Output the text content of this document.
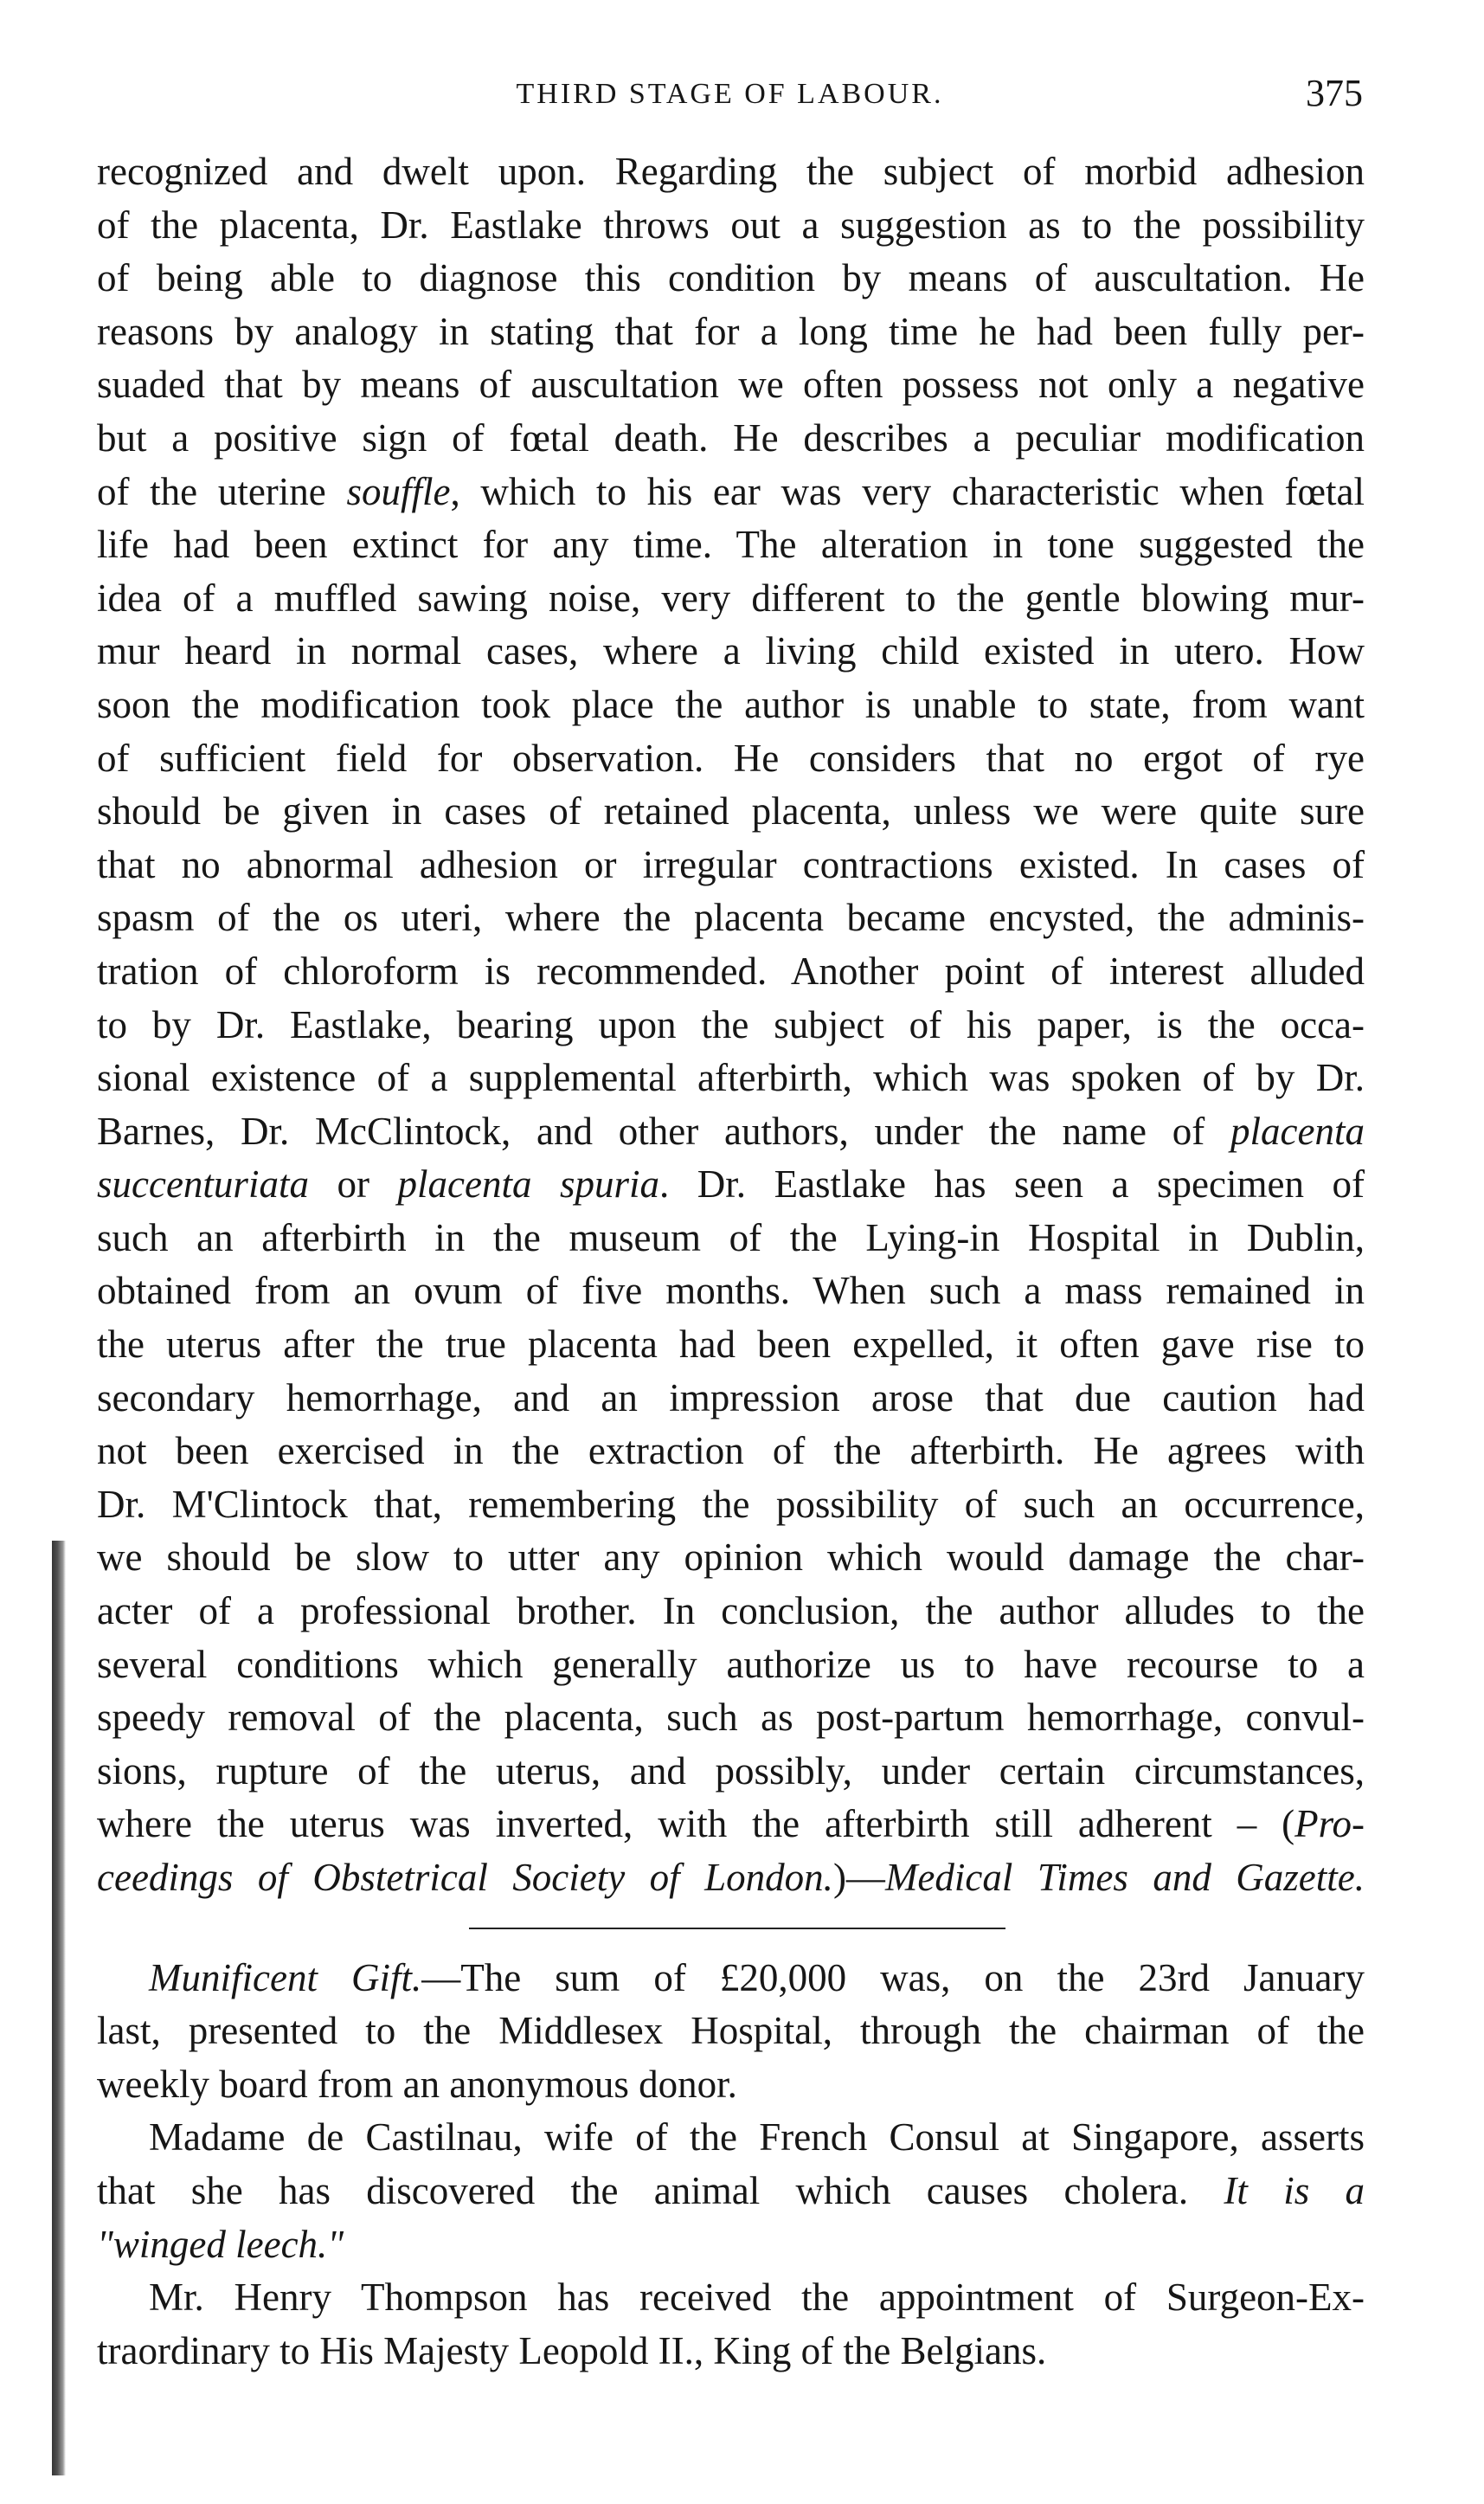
THIRD STAGE OF LABOUR.	375
recognized and dwelt upon. Regarding the subject of morbid adhesion
of the placenta, Dr. Eastlake throws out a suggestion as to the possibility
of being able to diagnose this condition by means of auscultation. He
reasons by analogy in stating that for a long time he had been fully per-
suaded that by means of auscultation we often possess not only a negative
but a positive sign of fœtal death. He describes a peculiar modification
of the uterine souffle, which to his ear was very characteristic when fœtal
life had been extinct for any time. The alteration in tone suggested the
idea of a muffled sawing noise, very different to the gentle blowing mur-
mur heard in normal cases, where a living child existed in utero. How
soon the modification took place the author is unable to state, from want
of sufficient field for observation. He considers that no ergot of rye
should be given in cases of retained placenta, unless we were quite sure
that no abnormal adhesion or irregular contractions existed. In cases of
spasm of the os uteri, where the placenta became encysted, the adminis-
tration of chloroform is recommended. Another point of interest alluded
to by Dr. Eastlake, bearing upon the subject of his paper, is the occa-
sional existence of a supplemental afterbirth, which was spoken of by Dr.
Barnes, Dr. McClintock, and other authors, under the name of placenta
succenturiata or placenta spuria. Dr. Eastlake has seen a specimen of
such an afterbirth in the museum of the Lying-in Hospital in Dublin,
obtained from an ovum of five months. When such a mass remained in
the uterus after the true placenta had been expelled, it often gave rise to
secondary hemorrhage, and an impression arose that due caution had
not been exercised in the extraction of the afterbirth. He agrees with
Dr. M'Clintock that, remembering the possibility of such an occurrence,
we should be slow to utter any opinion which would damage the char-
acter of a professional brother. In conclusion, the author alludes to the
several conditions which generally authorize us to have recourse to a
speedy removal of the placenta, such as post-partum hemorrhage, convul-
sions, rupture of the uterus, and possibly, under certain circumstances,
where the uterus was inverted, with the afterbirth still adherent – (Pro-
ceedings of Obstetrical Society of London.)—Medical Times and Gazette.
Munificent Gift.—The sum of £20,000 was, on the 23rd January
last, presented to the Middlesex Hospital, through the chairman of the
weekly board from an anonymous donor.
Madame de Castilnau, wife of the French Consul at Singapore, asserts
that she has discovered the animal which causes cholera. It is a
"winged leech."
Mr. Henry Thompson has received the appointment of Surgeon-Ex-
traordinary to His Majesty Leopold II., King of the Belgians.
